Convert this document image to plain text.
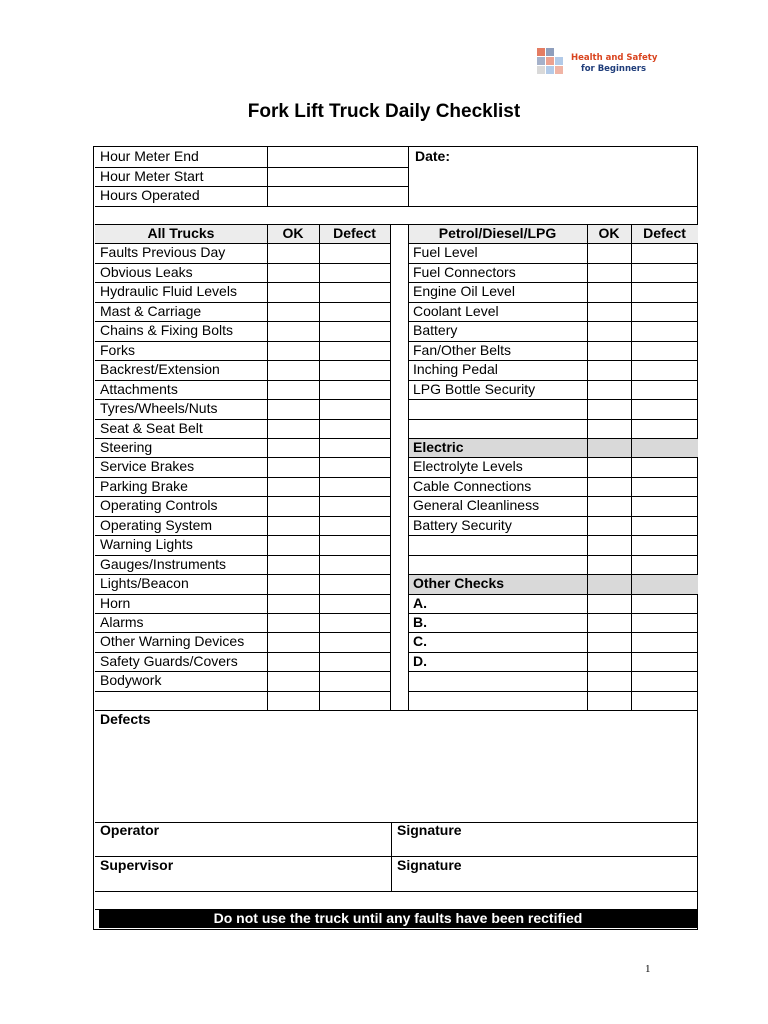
Health and Safety
for Beginners
Fork Lift Truck Daily Checklist
Hour Meter End
Hour Meter Start
Hours Operated
Date:
All Trucks	OK	Defect	Petrol/Diesel/LPG	OK	Defect
Faults Previous Day	Fuel Level
Obvious Leaks	Fuel Connectors
Hydraulic Fluid Levels	Engine Oil Level
Mast & Carriage	Coolant Level
Chains & Fixing Bolts	Battery
Forks	Fan/Other Belts
Backrest/Extension	Inching Pedal
Attachments	LPG Bottle Security
Tyres/Wheels/Nuts
Seat & Seat Belt
Steering	Electric
Service Brakes	Electrolyte Levels
Parking Brake	Cable Connections
Operating Controls	General Cleanliness
Operating System	Battery Security
Warning Lights
Gauges/Instruments
Lights/Beacon	Other Checks
Horn	A.
Alarms	B.
Other Warning Devices	C.
Safety Guards/Covers	D.
Bodywork
Defects
Operator	Signature
Supervisor	Signature
Do not use the truck until any faults have been rectified
1
